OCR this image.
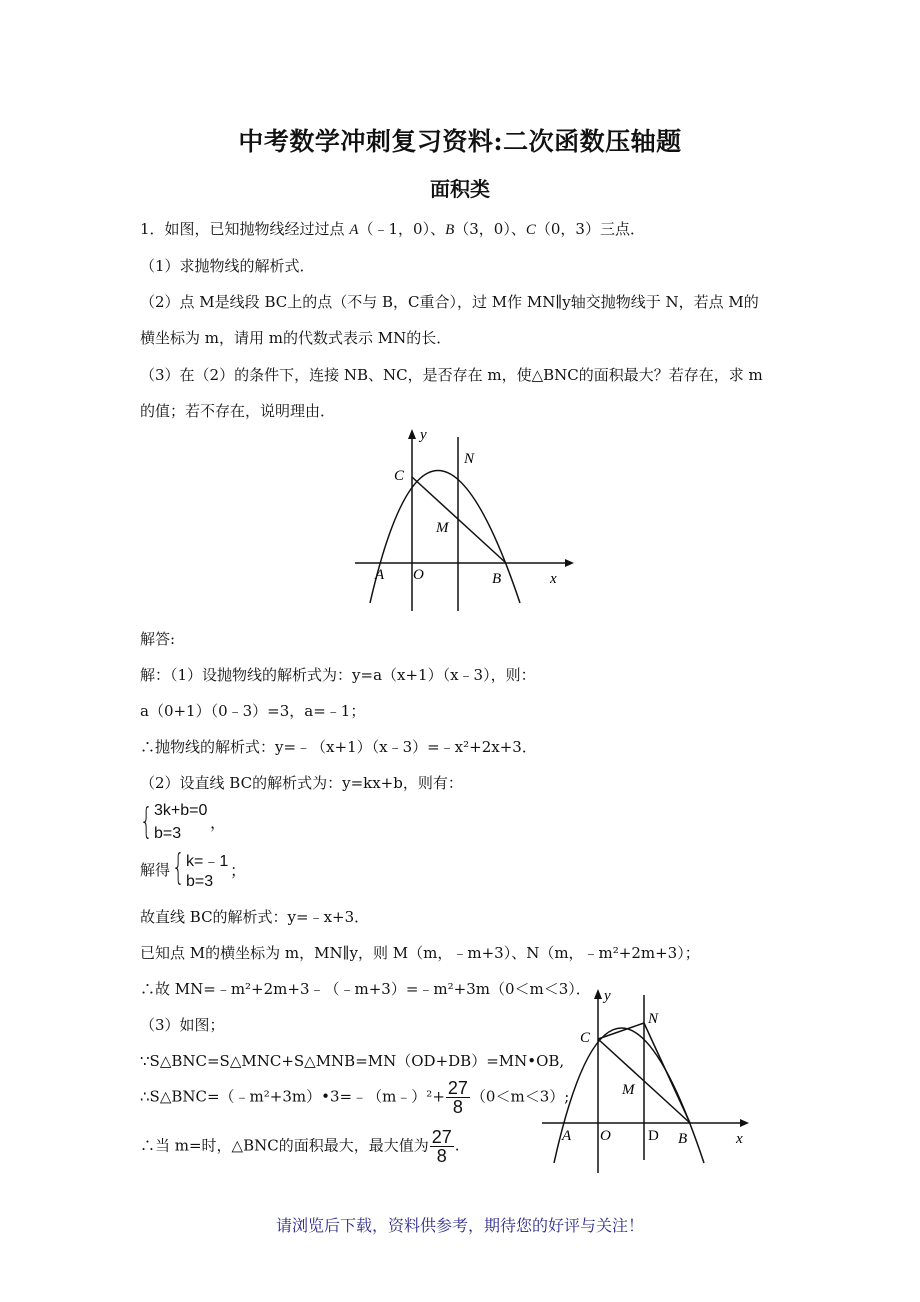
中考数学冲刺复习资料:二次函数压轴题
面积类
1．如图，已知抛物线经过过点 A（﹣1，0）、B（3，0）、C（0，3）三点．
（1）求抛物线的解析式．
（2）点 M是线段 BC上的点（不与 B，C重合），过 M作 MN∥y轴交抛物线于 N，若点 M的
横坐标为 m，请用 m的代数式表示 MN的长．
（3）在（2）的条件下，连接 NB、NC，是否存在 m，使△BNC的面积最大？若存在，求 m
的值；若不存在，说明理由．
y
C
N
M
A O	B	x
解答:
解：（1）设抛物线的解析式为：y=a（x+1）（x﹣3），则：
a（0+1）（0﹣3）=3，a=﹣1；
∴抛物线的解析式：y=﹣（x+1）（x﹣3）=﹣x²+2x+3．
（2）设直线 BC的解析式为：y=kx+b，则有：
{ 3k+b=0
b=3
，
解得 { k=﹣1
b=3
；
故直线 BC的解析式：y=﹣x+3．
已知点 M的横坐标为 m，MN∥y，则 M（m，﹣m+3）、N（m，﹣m²+2m+3）；
∴故 MN=﹣m²+2m+3﹣（﹣m+3）=﹣m²+3m（0＜m＜3）．
（3）如图；
∵S△BNC=S△MNC+S△MNB=MN（OD+DB）=MN•OB,
∴S△BNC=（﹣m²+3m）•3=﹣（m﹣）²+ $\frac{27}{8} (0<m<3)$;
∴当 m=时，△BNC的面积最大，最大值为 $\frac{27}{8}$ .
y
C
N
M
A O D B	x
请浏览后下载，资料供参考，期待您的好评与关注！
